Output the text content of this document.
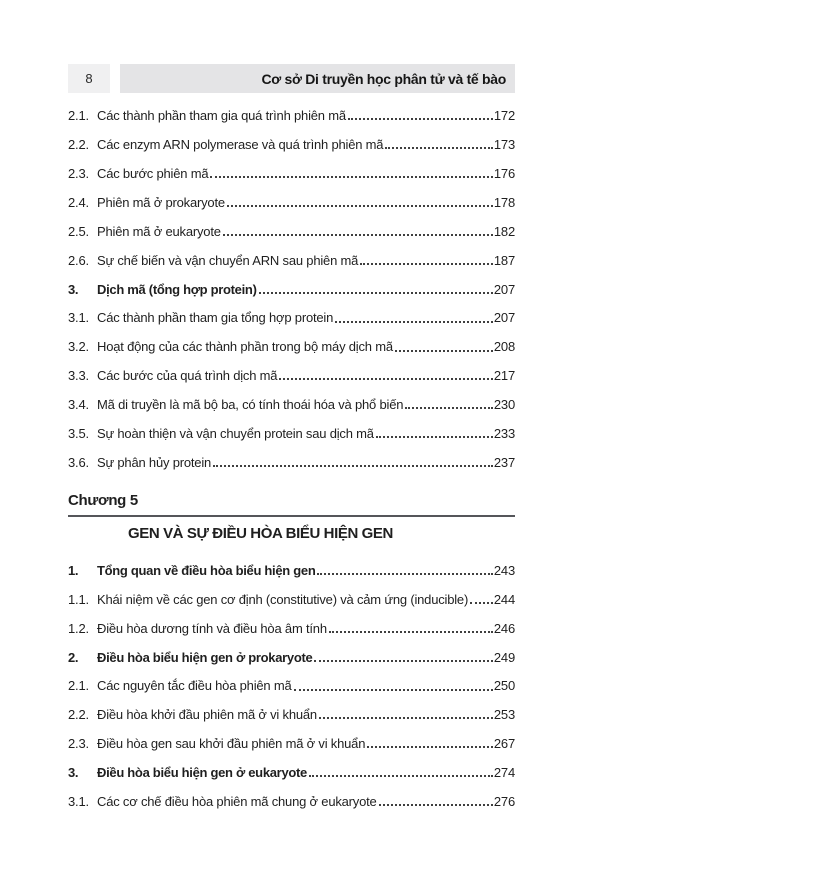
8	Cơ sở Di truyền học phân tử và tế bào
2.1. Các thành phần tham gia quá trình phiên mã	172
2.2. Các enzym ARN polymerase và quá trình phiên mã	173
2.3. Các bước phiên mã	176
2.4. Phiên mã ở prokaryote	178
2.5. Phiên mã ở eukaryote	182
2.6. Sự chế biến và vận chuyển ARN sau phiên mã	187
3.	Dịch mã (tổng hợp protein)	207
3.1. Các thành phần tham gia tổng hợp protein	207
3.2. Hoạt động của các thành phần trong bộ máy dịch mã	208
3.3. Các bước của quá trình dịch mã	217
3.4. Mã di truyền là mã bộ ba, có tính thoái hóa và phổ biến	230
3.5. Sự hoàn thiện và vận chuyển protein sau dịch mã	233
3.6. Sự phân hủy protein	237
Chương 5
GEN VÀ SỰ ĐIỀU HÒA BIỂU HIỆN GEN
1.	Tổng quan về điều hòa biểu hiện gen	243
1.1. Khái niệm về các gen cơ định (constitutive) và cảm ứng (inducible) 244
1.2. Điều hòa dương tính và điều hòa âm tính	246
2.	Điều hòa biểu hiện gen ở prokaryote	249
2.1. Các nguyên tắc điều hòa phiên mã	250
2.2. Điều hòa khởi đầu phiên mã ở vi khuẩn	253
2.3. Điều hòa gen sau khởi đầu phiên mã ở vi khuẩn	267
3.	Điều hòa biểu hiện gen ở eukaryote	274
3.1. Các cơ chế điều hòa phiên mã chung ở eukaryote	276
